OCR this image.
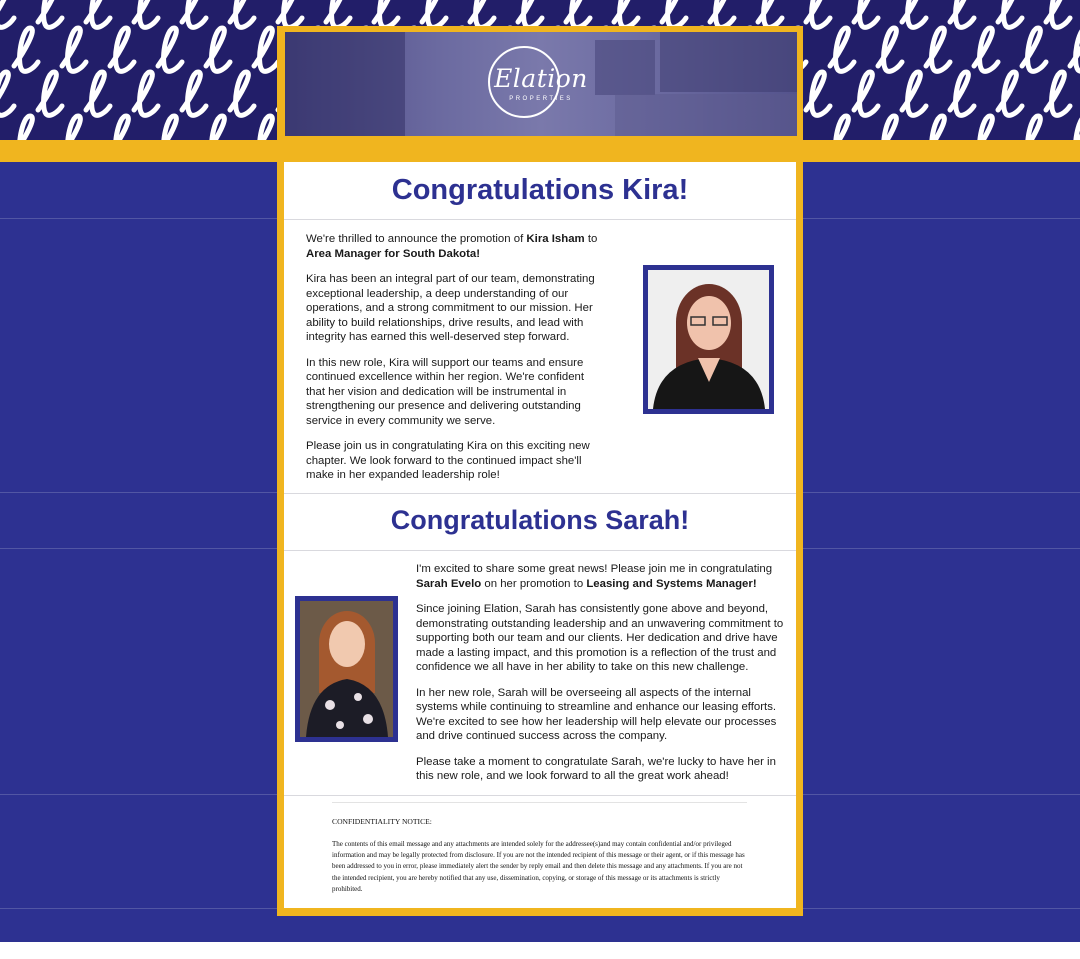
Elation
PROPERTIES
Congratulations Kira!

We're thrilled to announce the promotion of Kira Isham to Area Manager for South Dakota!

Kira has been an integral part of our team, demonstrating exceptional leadership, a deep understanding of our operations, and a strong commitment to our mission. Her ability to build relationships, drive results, and lead with integrity has earned this well-deserved step forward.

In this new role, Kira will support our teams and ensure continued excellence within her region. We're confident that her vision and dedication will be instrumental in strengthening our presence and delivering outstanding service in every community we serve.

Please join us in congratulating Kira on this exciting new chapter. We look forward to the continued impact she'll make in her expanded leadership role!

Congratulations Sarah!

I'm excited to share some great news! Please join me in congratulating Sarah Evelo on her promotion to Leasing and Systems Manager!

Since joining Elation, Sarah has consistently gone above and beyond, demonstrating outstanding leadership and an unwavering commitment to supporting both our team and our clients. Her dedication and drive have made a lasting impact, and this promotion is a reflection of the trust and confidence we all have in her ability to take on this new challenge.

In her new role, Sarah will be overseeing all aspects of the internal systems while continuing to streamline and enhance our leasing efforts. We're excited to see how her leadership will help elevate our processes and drive continued success across the company.

Please take a moment to congratulate Sarah, we're lucky to have her in this new role, and we look forward to all the great work ahead!

CONFIDENTIALITY NOTICE:
The contents of this email message and any attachments are intended solely for the addressee(s)and may contain confidential and/or privileged information and may be legally protected from disclosure. If you are not the intended recipient of this message or their agent, or if this message has been addressed to you in error, please immediately alert the sender by reply email and then delete this message and any attachments. If you are not the intended recipient, you are hereby notified that any use, dissemination, copying, or storage of this message or its attachments is strictly prohibited.
